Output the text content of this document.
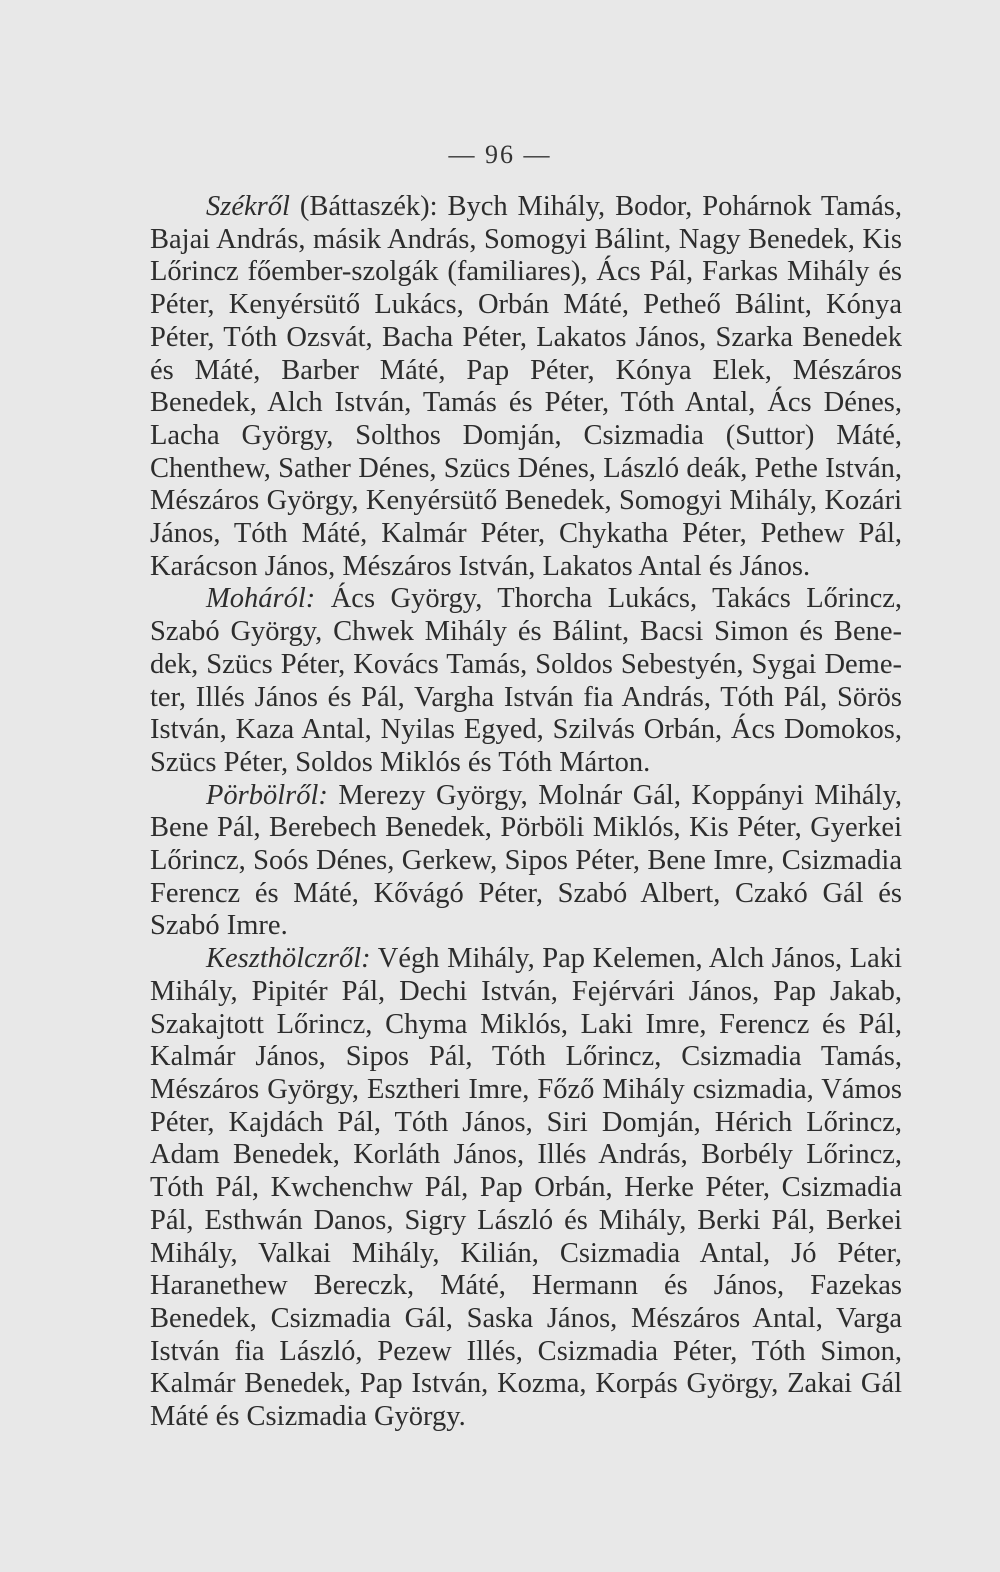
— 96 —

Székről (Báttaszék): Bych Mihály, Bodor, Pohárnok Tamás, Bajai András, másik András, Somogyi Bálint, Nagy Benedek, Kis Lőrincz főember-szolgák (familiares), Ács Pál, Farkas Mihály és Péter, Kenyérsütő Lukács, Orbán Máté, Petheő Bálint, Kónya Péter, Tóth Ozsvát, Bacha Péter, Lakatos János, Szarka Benedek és Máté, Barber Máté, Pap Péter, Kónya Elek, Mészáros Benedek, Alch István, Tamás és Péter, Tóth Antal, Ács Dénes, Lacha György, Solthos Domján, Csizmadia (Suttor) Máté, Chenthew, Sather Dénes, Szücs Dénes, László deák, Pethe István, Mészáros György, Kenyérsütő Benedek, Somogyi Mihály, Kozári János, Tóth Máté, Kalmár Péter, Chykatha Péter, Pethew Pál, Karácson János, Mészáros István, Lakatos Antal és János.

Moháról: Ács György, Thorcha Lukács, Takács Lőrincz, Szabó György, Chwek Mihály és Bálint, Bacsi Simon és Benedek, Szücs Péter, Kovács Tamás, Soldos Sebestyén, Sygai Demeter, Illés János és Pál, Vargha István fia András, Tóth Pál, Sörös István, Kaza Antal, Nyilas Egyed, Szilvás Orbán, Ács Domokos, Szücs Péter, Soldos Miklós és Tóth Márton.

Pörbölről: Merezy György, Molnár Gál, Koppányi Mihály, Bene Pál, Berebech Benedek, Pörböli Miklós, Kis Péter, Gyerkei Lőrincz, Soós Dénes, Gerkew, Sipos Péter, Bene Imre, Csizmadia Ferencz és Máté, Kővágó Péter, Szabó Albert, Czakó Gál és Szabó Imre.

Keszthölczről: Végh Mihály, Pap Kelemen, Alch János, Laki Mihály, Pipitér Pál, Dechi István, Fejérvári János, Pap Jakab, Szakajtott Lőrincz, Chyma Miklós, Laki Imre, Ferencz és Pál, Kalmár János, Sipos Pál, Tóth Lőrincz, Csizmadia Tamás, Mészáros György, Esztheri Imre, Főző Mihály csizmadia, Vámos Péter, Kajdách Pál, Tóth János, Siri Domján, Hérich Lőrincz, Adam Benedek, Korláth János, Illés András, Borbély Lőrincz, Tóth Pál, Kwchenchw Pál, Pap Orbán, Herke Péter, Csizmadia Pál, Esthwán Danos, Sigry László és Mihály, Berki Pál, Berkei Mihály, Valkai Mihály, Kilián, Csizmadia Antal, Jó Péter, Haranethew Bereczk, Máté, Hermann és János, Fazekas Benedek, Csizmadia Gál, Saska János, Mészáros Antal, Varga István fia László, Pezew Illés, Csizmadia Péter, Tóth Simon, Kalmár Benedek, Pap István, Kozma, Korpás György, Zakai Gál Máté és Csizmadia György.
